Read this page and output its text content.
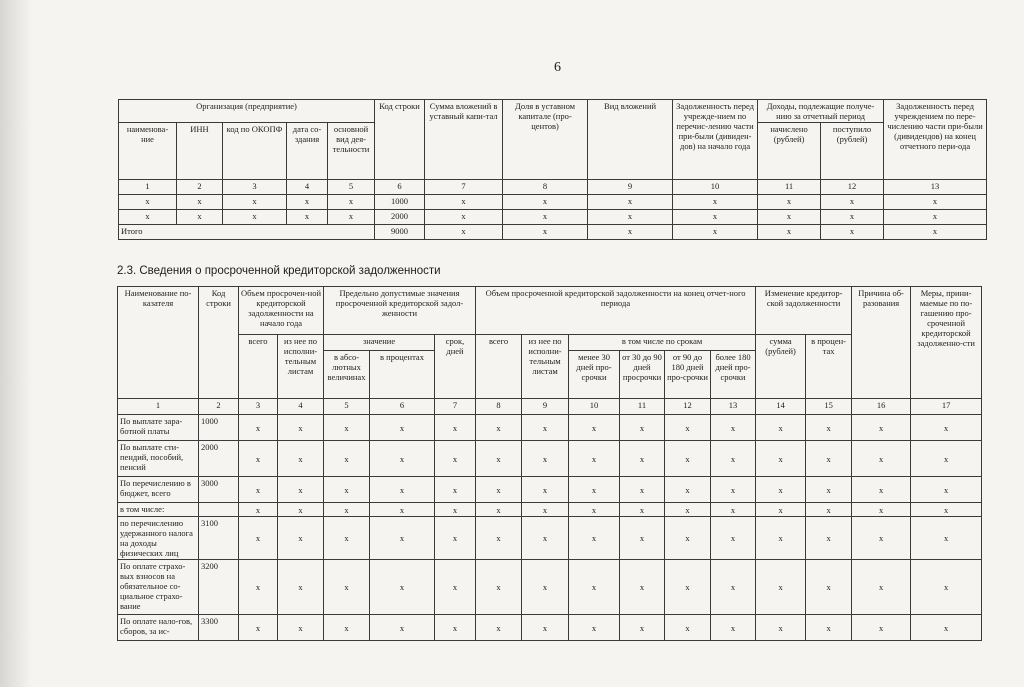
6
Организация (предприятие)					Код строки	Сумма вложений в уставный капи-тал	Доля в уставном капитале (про-центов)	Вид вложений	Задолженность перед учрежде-нием по перечис-лению части при-были (дивиден-дов) на начало года	Доходы, подлежащие получе-нию за отчетный период		Задолженность перед учреждением по пере-числению части при-были (дивидендов) на конец отчетного пери-ода
наименова-ние	ИНН	код по ОКОПФ	дата со-здания	основной вид дея-тельности						начислено (рублей)	поступило (рублей)	
1	2	3	4	5	6	7	8	9	10	11	12	13
x	x	x	x	x	1000	x	x	x	x	x	x	x
x	x	x	x	x	2000	x	x	x	x	x	x	x
Итого					9000	x	x	x	x	x	x	x
2.3. Сведения о просроченной кредиторской задолженности
Наименование по-казателя	Код строки	Объем просрочен-ной кредиторской задолженности на начало года		Предельно допустимые значения просроченной кредиторской задол-женности			Объем просроченной кредиторской задолженности на конец отчет-ного периода						Изменение кредитор-ской задолженности		Причина об-разования	Меры, прини-маемые по по-гашению про-сроченной кредиторской задолженно-сти
		всего	из нее по исполни-тельным листам	значение		срок, дней	всего	из нее по исполни-тельным листам	в том числе по срокам				сумма (рублей)	в процен-тах		
				в абсо-лютных величинах	в процентах				менее 30 дней про-срочки	от 30 до 90 дней просрочки	от 90 до 180 дней про-срочки	более 180 дней про-срочки				
1	2	3	4	5	6	7	8	9	10	11	12	13	14	15	16	17
По выплате зара-ботной платы	1000	x	x	x	x	x	x	x	x	x	x	x	x	x	x	x
По выплате сти-пендий, пособий, пенсий	2000	x	x	x	x	x	x	x	x	x	x	x	x	x	x	x
По перечислению в бюджет, всего	3000	x	x	x	x	x	x	x	x	x	x	x	x	x	x	x
в том числе:		x	x	x	x	x	x	x	x	x	x	x	x	x	x	x
по перечислению удержанного налога на доходы физических лиц	3100	x	x	x	x	x	x	x	x	x	x	x	x	x	x	x
По оплате страхо-вых взносов на обязательное со-циальное страхо-вание	3200	x	x	x	x	x	x	x	x	x	x	x	x	x	x	x
По оплате нало-гов, сборов, за ис-	3300	x	x	x	x	x	x	x	x	x	x	x	x	x	x	x
